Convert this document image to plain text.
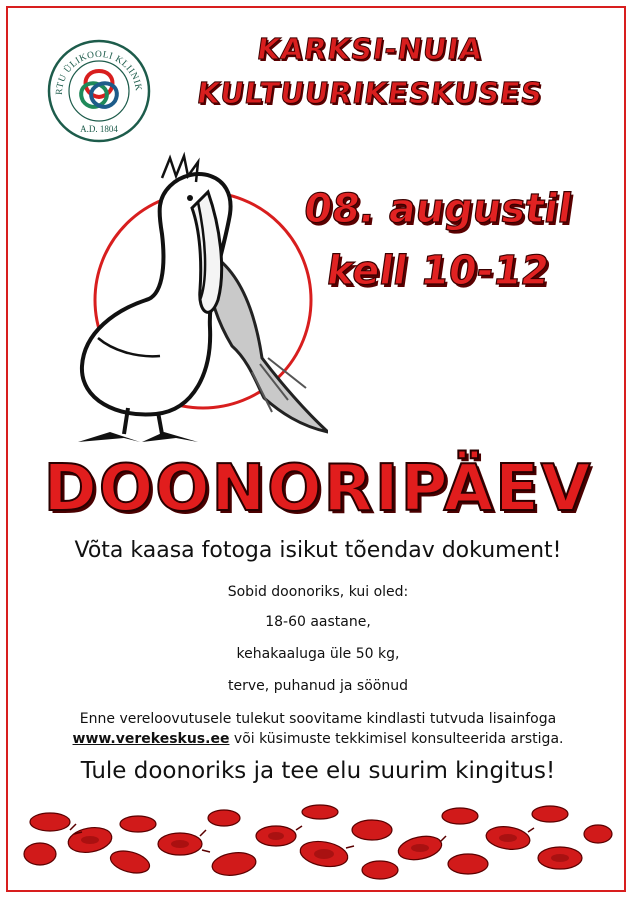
RTU ÜLIKOOLI KLIINIK
A.D. 1804
KARKSI-NUIA
KULTUURIKESKUSES
08. augustil
kell 10-12
DOONORIPÄEV
Võta kaasa fotoga isikut tõendav dokument!
Sobid doonoriks, kui oled:
18-60 aastane,
kehakaaluga üle 50 kg,
terve, puhanud ja söönud
Enne vereloovutusele tulekut soovitame kindlasti tutvuda lisainfoga
www.verekeskus.ee või küsimuste tekkimisel konsulteerida arstiga.
Tule doonoriks ja tee elu suurim kingitus!
